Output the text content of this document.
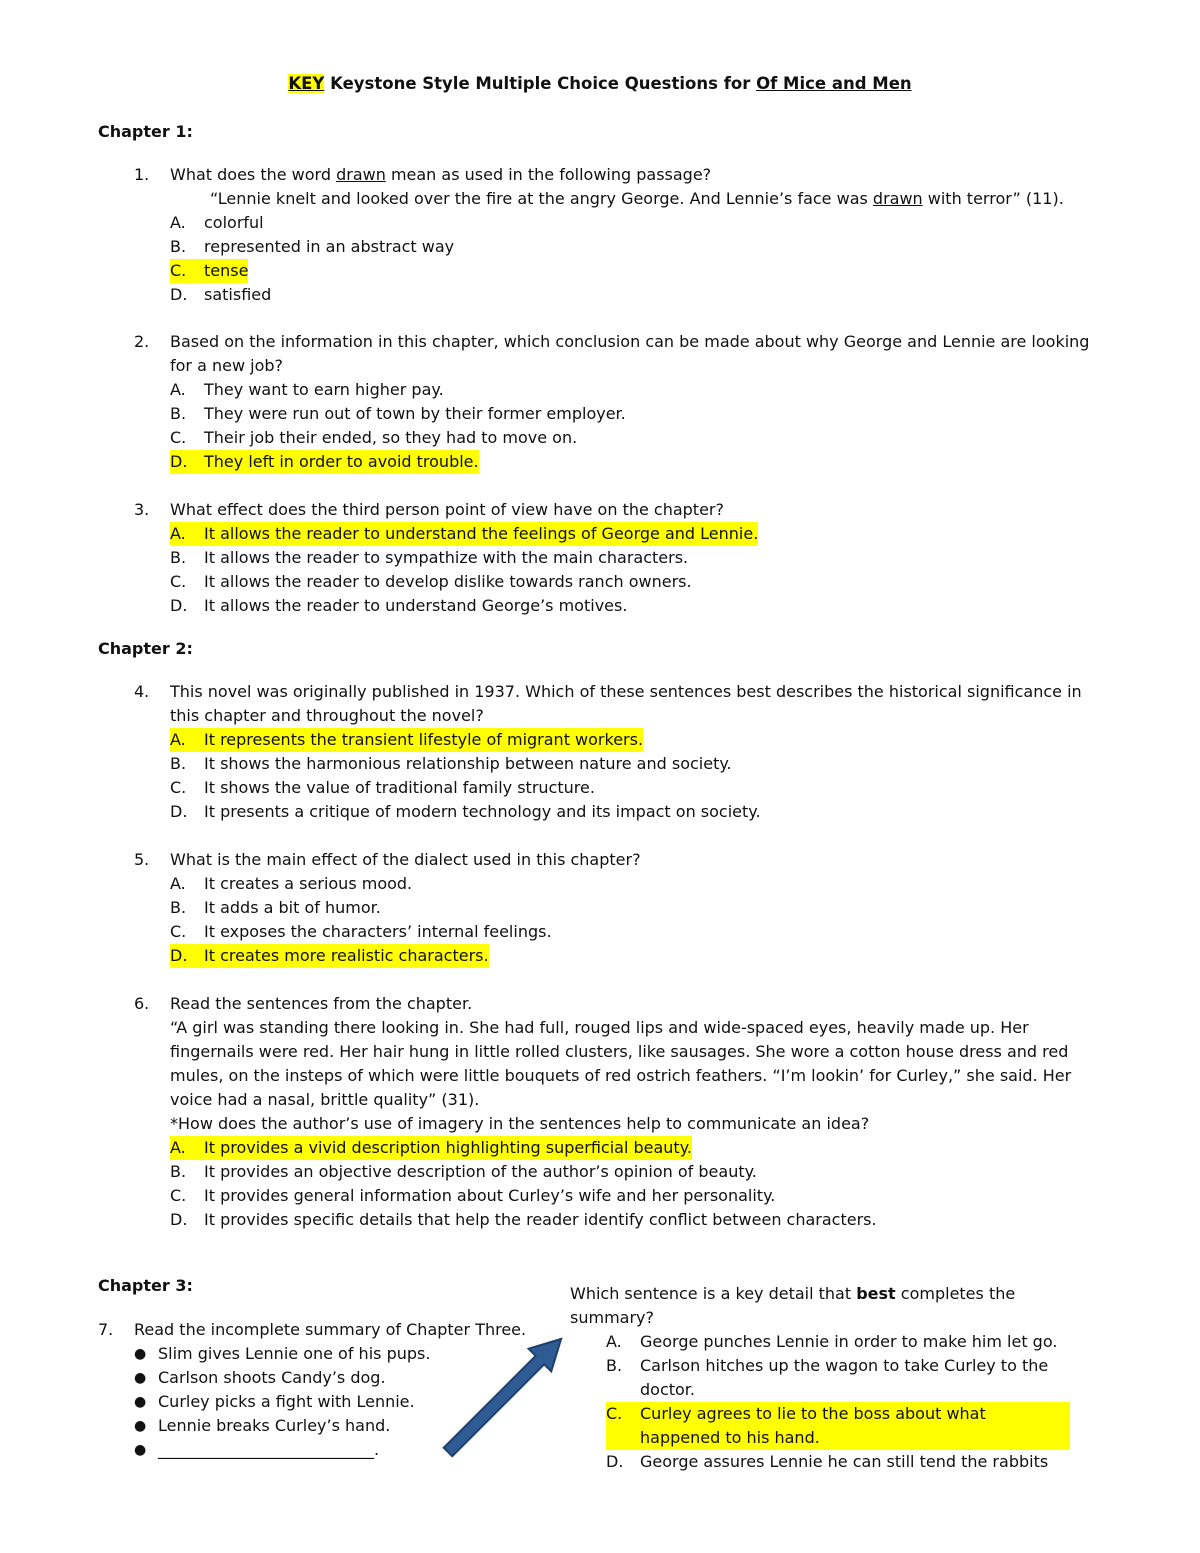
KEY Keystone Style Multiple Choice Questions for Of Mice and Men
Chapter 1:
1.	What does the word drawn mean as used in the following passage?
“Lennie knelt and looked over the fire at the angry George. And Lennie’s face was drawn with terror” (11).
A.	colorful
B.	represented in an abstract way
C.	tense
D.	satisfied
2.	Based on the information in this chapter, which conclusion can be made about why George and Lennie are looking for a new job?
A.	They want to earn higher pay.
B.	They were run out of town by their former employer.
C.	Their job their ended, so they had to move on.
D.	They left in order to avoid trouble.
3.	What effect does the third person point of view have on the chapter?
A.	It allows the reader to understand the feelings of George and Lennie.
B.	It allows the reader to sympathize with the main characters.
C.	It allows the reader to develop dislike towards ranch owners.
D.	It allows the reader to understand George’s motives.
Chapter 2:
4.	This novel was originally published in 1937. Which of these sentences best describes the historical significance in this chapter and throughout the novel?
A.	It represents the transient lifestyle of migrant workers.
B.	It shows the harmonious relationship between nature and society.
C.	It shows the value of traditional family structure.
D.	It presents a critique of modern technology and its impact on society.
5.	What is the main effect of the dialect used in this chapter?
A.	It creates a serious mood.
B.	It adds a bit of humor.
C.	It exposes the characters’ internal feelings.
D.	It creates more realistic characters.
6.	Read the sentences from the chapter.
“A girl was standing there looking in. She had full, rouged lips and wide-spaced eyes, heavily made up. Her fingernails were red. Her hair hung in little rolled clusters, like sausages. She wore a cotton house dress and red mules, on the insteps of which were little bouquets of red ostrich feathers. “I’m lookin’ for Curley,” she said. Her voice had a nasal, brittle quality” (31).
*How does the author’s use of imagery in the sentences help to communicate an idea?
A.	It provides a vivid description highlighting superficial beauty.
B.	It provides an objective description of the author’s opinion of beauty.
C.	It provides general information about Curley’s wife and her personality.
D.	It provides specific details that help the reader identify conflict between characters.
Chapter 3:
7.	Read the incomplete summary of Chapter Three.
● Slim gives Lennie one of his pups.
● Carlson shoots Candy’s dog.
● Curley picks a fight with Lennie.
● Lennie breaks Curley’s hand.
● ___________________________.
Which sentence is a key detail that best completes the summary?
A.	George punches Lennie in order to make him let go.
B.	Carlson hitches up the wagon to take Curley to the doctor.
C.	Curley agrees to lie to the boss about what happened to his hand.
D.	George assures Lennie he can still tend the rabbits
